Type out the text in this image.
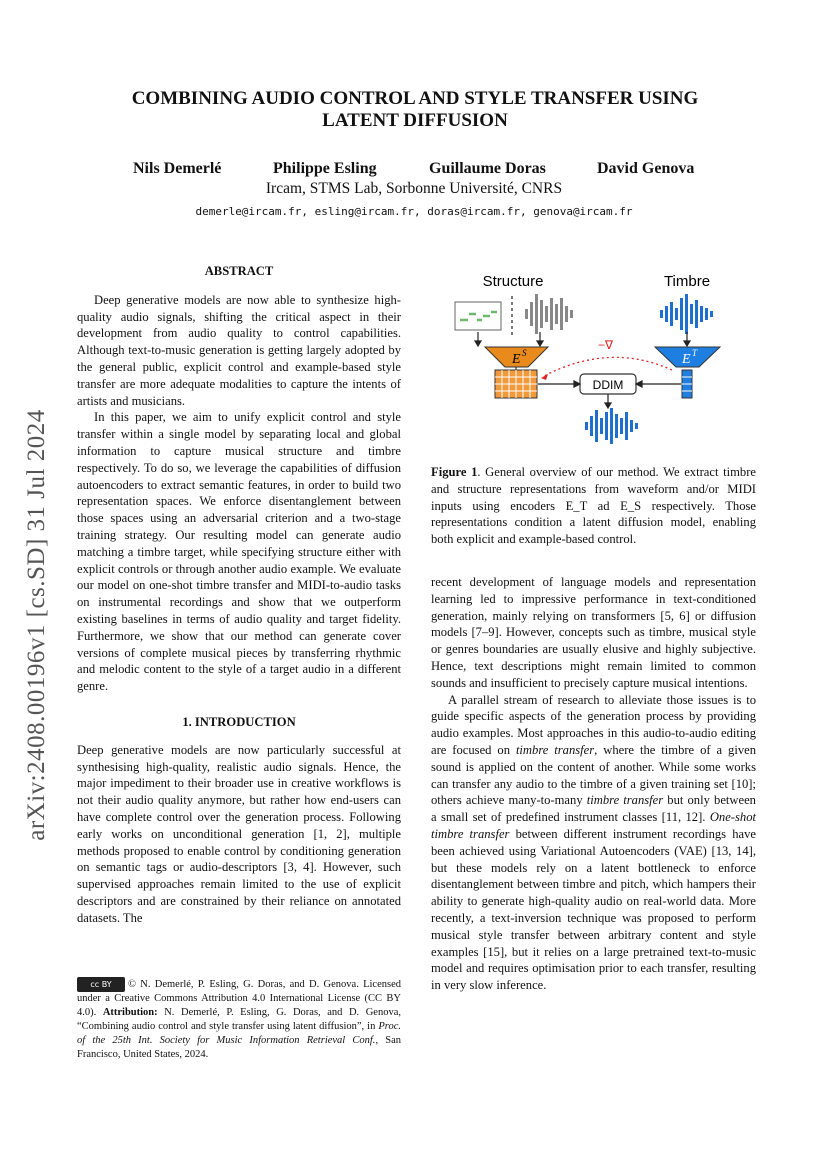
arXiv:2408.00196v1 [cs.SD] 31 Jul 2024
COMBINING AUDIO CONTROL AND STYLE TRANSFER USING
LATENT DIFFUSION
Nils Demerlé	Philippe Esling	Guillaume Doras	David Genova
Ircam, STMS Lab, Sorbonne Université, CNRS
demerle@ircam.fr, esling@ircam.fr, doras@ircam.fr, genova@ircam.fr
ABSTRACT

Deep generative models are now able to synthesize high-quality audio signals, shifting the critical aspect in their development from audio quality to control capabilities. Although text-to-music generation is getting largely adopted by the general public, explicit control and example-based style transfer are more adequate modalities to capture the intents of artists and musicians.

In this paper, we aim to unify explicit control and style transfer within a single model by separating local and global information to capture musical structure and timbre respectively. To do so, we leverage the capabilities of diffusion autoencoders to extract semantic features, in order to build two representation spaces. We enforce disentanglement between those spaces using an adversarial criterion and a two-stage training strategy. Our resulting model can generate audio matching a timbre target, while specifying structure either with explicit controls or through another audio example. We evaluate our model on one-shot timbre transfer and MIDI-to-audio tasks on instrumental recordings and show that we outperform existing baselines in terms of audio quality and target fidelity. Furthermore, we show that our method can generate cover versions of complete musical pieces by transferring rhythmic and melodic content to the style of a target audio in a different genre.

1. INTRODUCTION

Deep generative models are now particularly successful at synthesising high-quality, realistic audio signals. Hence, the major impediment to their broader use in creative workflows is not their audio quality anymore, but rather how end-users can have complete control over the generation process. Following early works on unconditional generation [1, 2], multiple methods proposed to enable control by conditioning generation on semantic tags or audio-descriptors [3, 4]. However, such supervised approaches remain limited to the use of explicit descriptors and are constrained by their reliance on annotated datasets. The

Structure	Timbre
E S	E T
DDIM
−∇
Figure 1. General overview of our method. We extract timbre and structure representations from waveform and/or MIDI inputs using encoders E_T ad E_S respectively. Those representations condition a latent diffusion model, enabling both explicit and example-based control.

recent development of language models and representation learning led to impressive performance in text-conditioned generation, mainly relying on transformers [5, 6] or diffusion models [7–9]. However, concepts such as timbre, musical style or genres boundaries are usually elusive and highly subjective. Hence, text descriptions might remain limited to common sounds and insufficient to precisely capture musical intentions.

A parallel stream of research to alleviate those issues is to guide specific aspects of the generation process by providing audio examples. Most approaches in this audio-to-audio editing are focused on timbre transfer, where the timbre of a given sound is applied on the content of another. While some works can transfer any audio to the timbre of a given training set [10]; others achieve many-to-many timbre transfer but only between a small set of predefined instrument classes [11, 12]. One-shot timbre transfer between different instrument recordings have been achieved using Variational Autoencoders (VAE) [13, 14], but these models rely on a latent bottleneck to enforce disentanglement between timbre and pitch, which hampers their ability to generate high-quality audio on real-world data. More recently, a text-inversion technique was proposed to perform musical style transfer between arbitrary content and style examples [15], but it relies on a large pretrained text-to-music model and requires optimisation prior to each transfer, resulting in very slow inference.

cc BY © N. Demerlé, P. Esling, G. Doras, and D. Genova. Licensed under a Creative Commons Attribution 4.0 International License (CC BY 4.0). Attribution: N. Demerlé, P. Esling, G. Doras, and D. Genova, “Combining audio control and style transfer using latent diffusion”, in Proc. of the 25th Int. Society for Music Information Retrieval Conf., San Francisco, United States, 2024.
